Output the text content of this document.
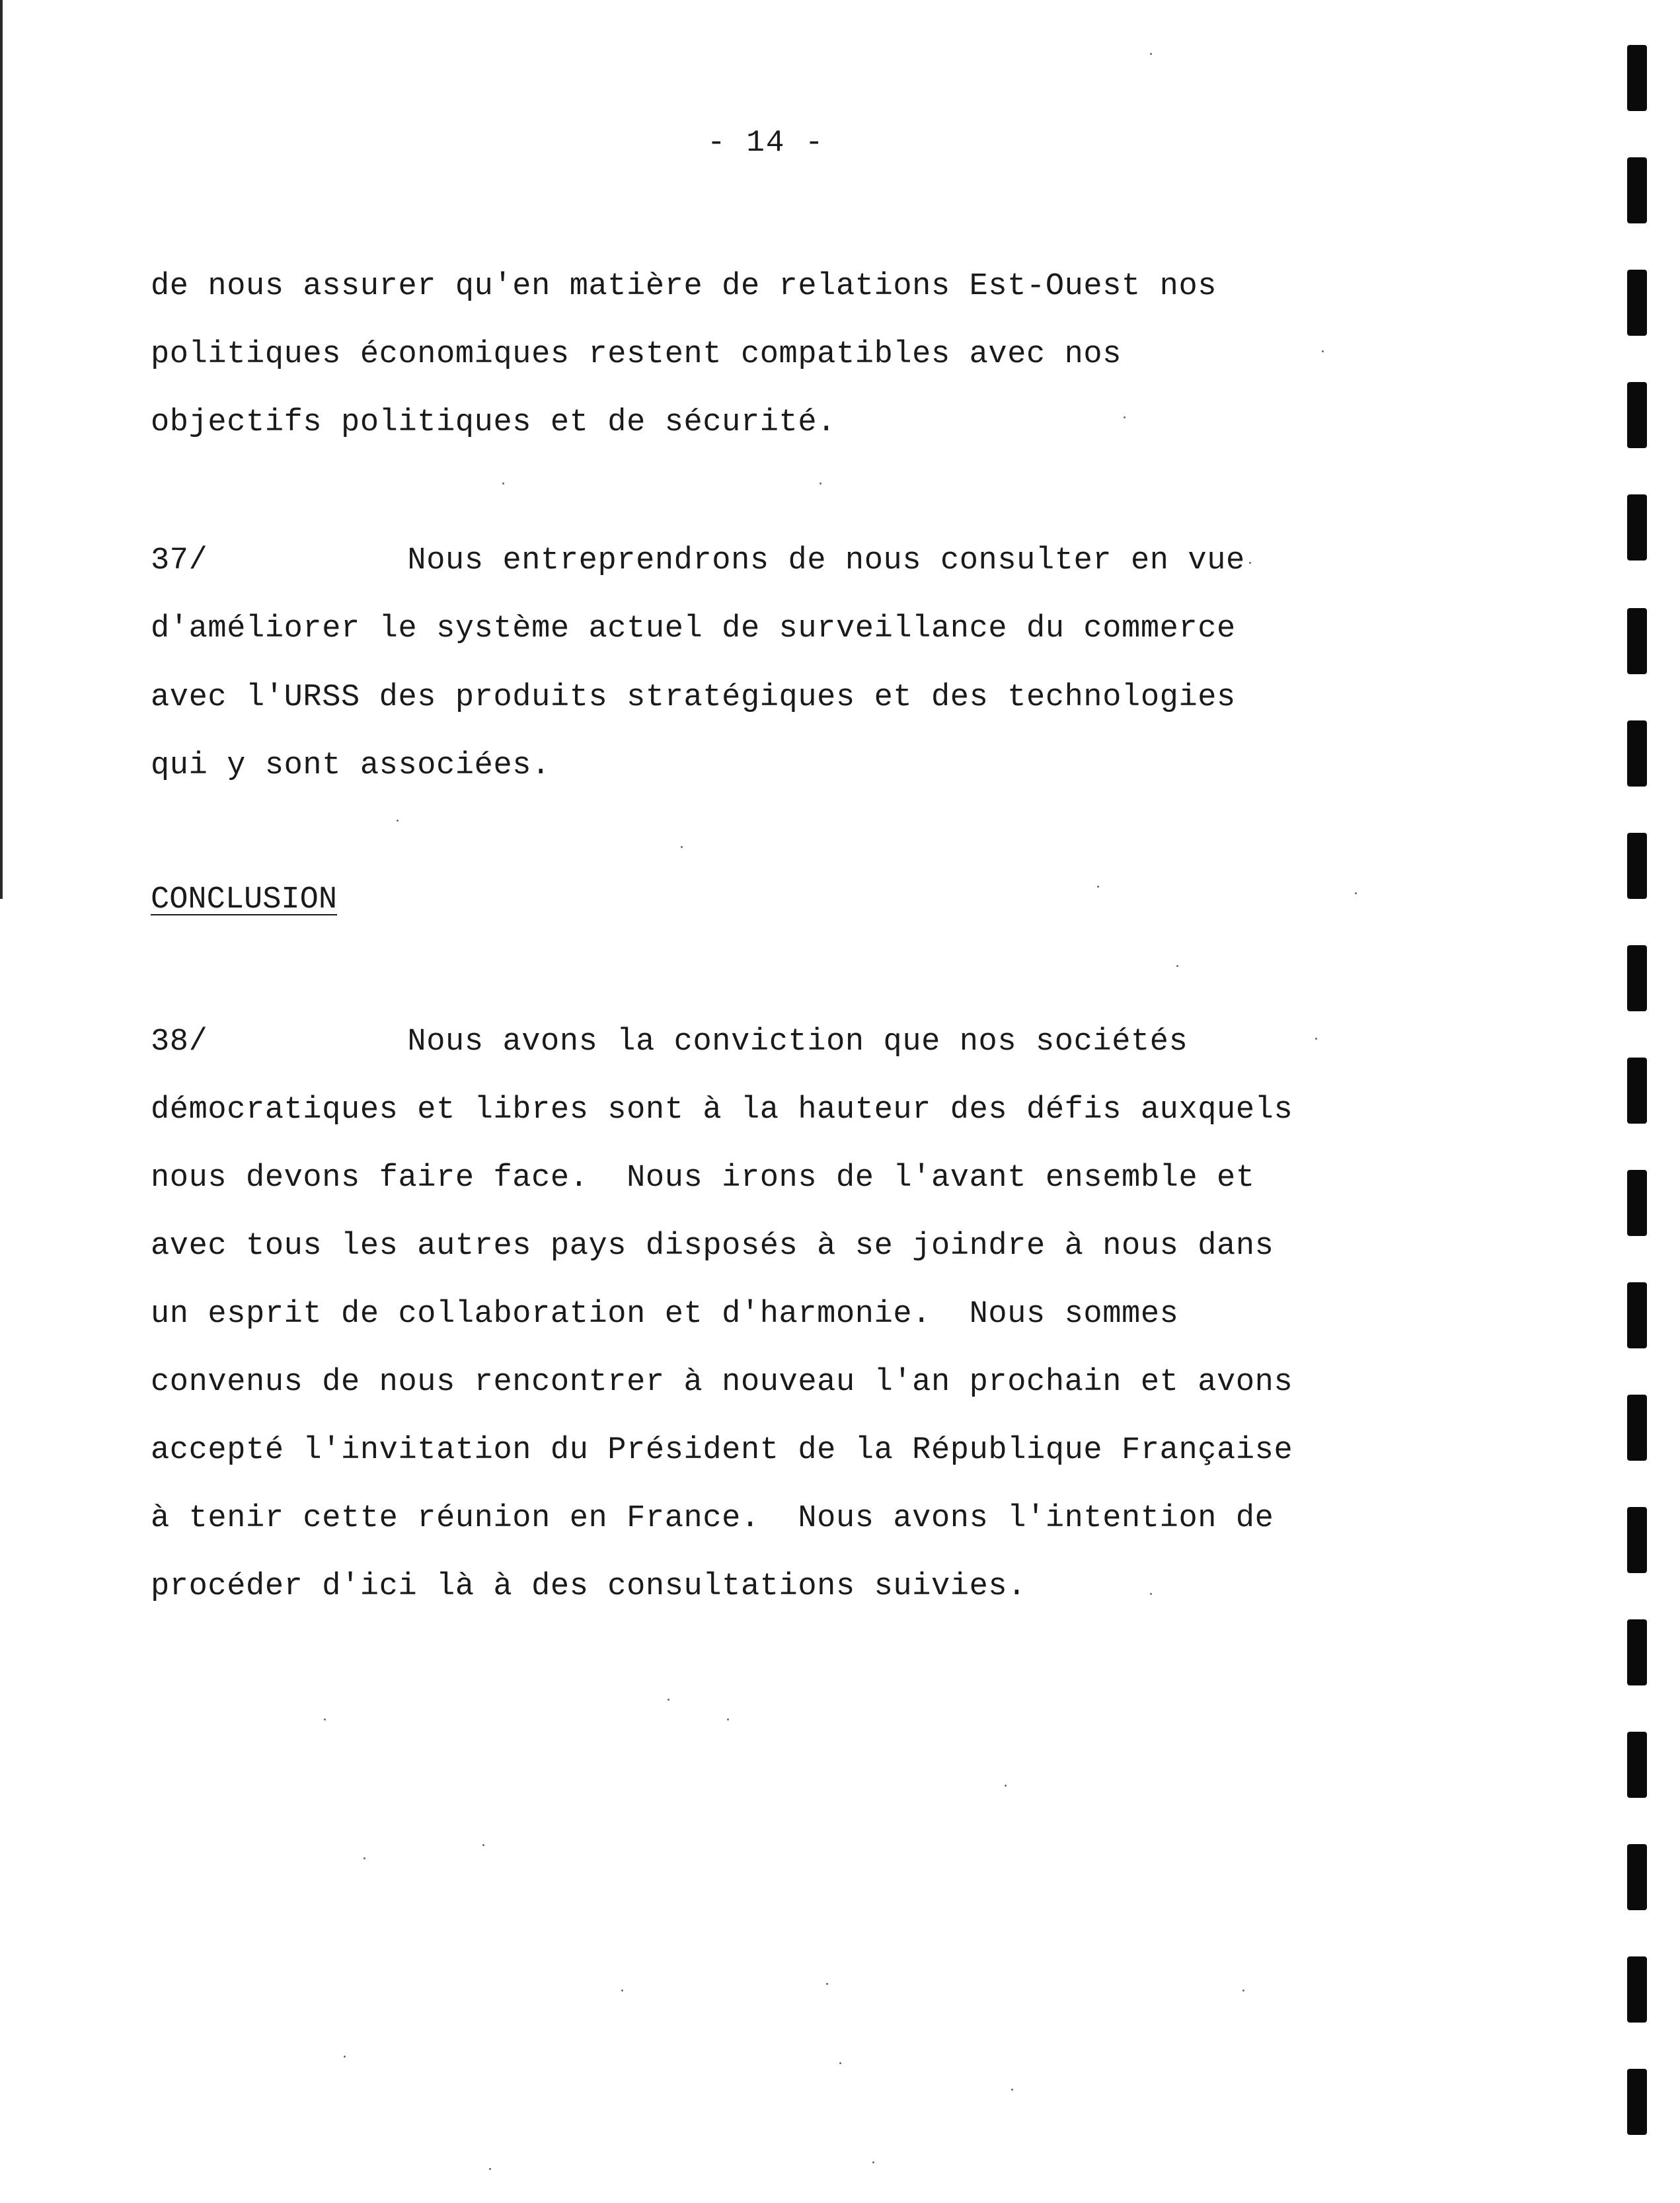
- 14 -
de nous assurer qu'en matière de relations Est-Ouest nos
politiques économiques restent compatibles avec nos
objectifs politiques et de sécurité.
37/	Nous entreprendrons de nous consulter en vue
d'améliorer le système actuel de surveillance du commerce
avec l'URSS des produits stratégiques et des technologies
qui y sont associées.
CONCLUSION
38/	Nous avons la conviction que nos sociétés
démocratiques et libres sont à la hauteur des défis auxquels
nous devons faire face.  Nous irons de l'avant ensemble et
avec tous les autres pays disposés à se joindre à nous dans
un esprit de collaboration et d'harmonie.  Nous sommes
convenus de nous rencontrer à nouveau l'an prochain et avons
accepté l'invitation du Président de la République Française
à tenir cette réunion en France.  Nous avons l'intention de
procéder d'ici là à des consultations suivies.
